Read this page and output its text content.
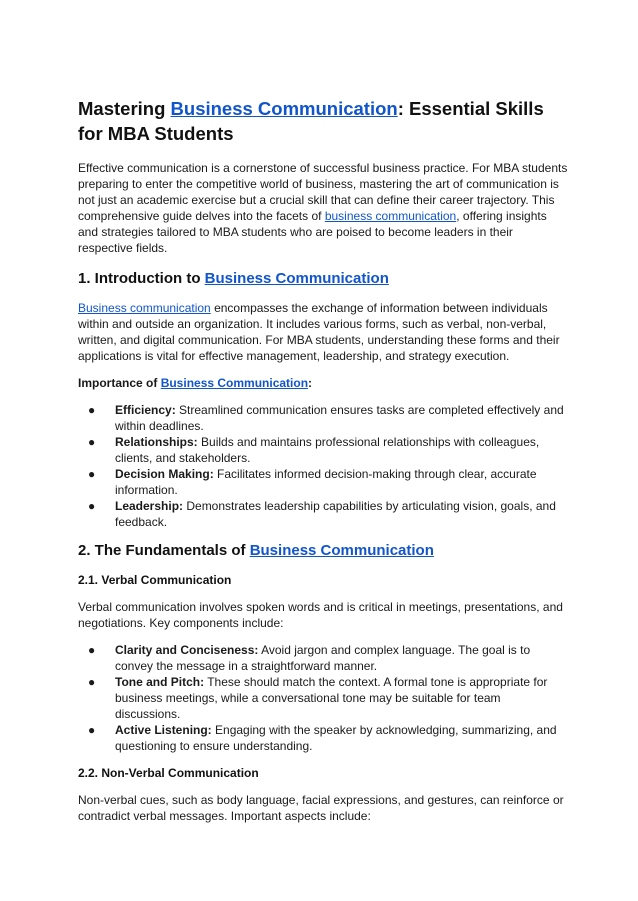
Mastering Business Communication: Essential Skills for MBA Students

Effective communication is a cornerstone of successful business practice. For MBA students preparing to enter the competitive world of business, mastering the art of communication is not just an academic exercise but a crucial skill that can define their career trajectory. This comprehensive guide delves into the facets of business communication, offering insights and strategies tailored to MBA students who are poised to become leaders in their respective fields.

1. Introduction to Business Communication

Business communication encompasses the exchange of information between individuals within and outside an organization. It includes various forms, such as verbal, non-verbal, written, and digital communication. For MBA students, understanding these forms and their applications is vital for effective management, leadership, and strategy execution.

Importance of Business Communication:

● Efficiency: Streamlined communication ensures tasks are completed effectively and within deadlines.
● Relationships: Builds and maintains professional relationships with colleagues, clients, and stakeholders.
● Decision Making: Facilitates informed decision-making through clear, accurate information.
● Leadership: Demonstrates leadership capabilities by articulating vision, goals, and feedback.
2. The Fundamentals of Business Communication
2.1. Verbal Communication

Verbal communication involves spoken words and is critical in meetings, presentations, and negotiations. Key components include:

● Clarity and Conciseness: Avoid jargon and complex language. The goal is to convey the message in a straightforward manner.
● Tone and Pitch: These should match the context. A formal tone is appropriate for business meetings, while a conversational tone may be suitable for team discussions.
● Active Listening: Engaging with the speaker by acknowledging, summarizing, and questioning to ensure understanding.
2.2. Non-Verbal Communication

Non-verbal cues, such as body language, facial expressions, and gestures, can reinforce or contradict verbal messages. Important aspects include:
